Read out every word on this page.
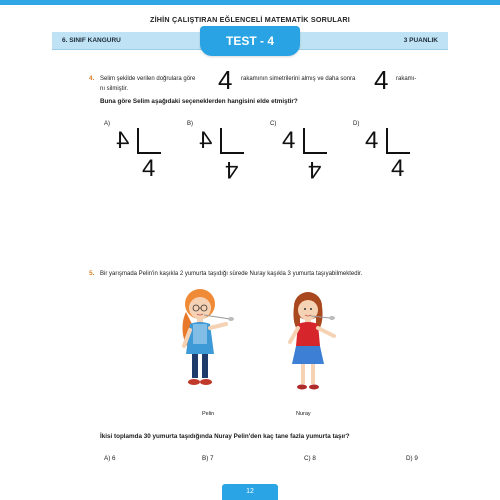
ZİHİN ÇALIŞTIRAN EĞLENCELİ MATEMATİK SORULARI
6. SINIF KANGURU	3 PUANLIK
TEST - 4
4. Selim şekilde verilen doğrulara göre 4 rakamının simetrilerini almış ve daha sonra 4 rakamı-
nı silmiştir.
Buna göre Selim aşağıdaki seçeneklerden hangisini elde etmiştir?
A)
4
4
B)
4
4
C)
4
4
D)
4
4
5. Bir yarışmada Pelin'in kaşıkla 2 yumurta taşıdığı sürede Nuray kaşıkla 3 yumurta taşıyabilmektedir.
Pelin	Nuray
İkisi toplamda 30 yumurta taşıdığında Nuray Pelin'den kaç tane fazla yumurta taşır?
A) 6	B) 7	C) 8	D) 9
12
